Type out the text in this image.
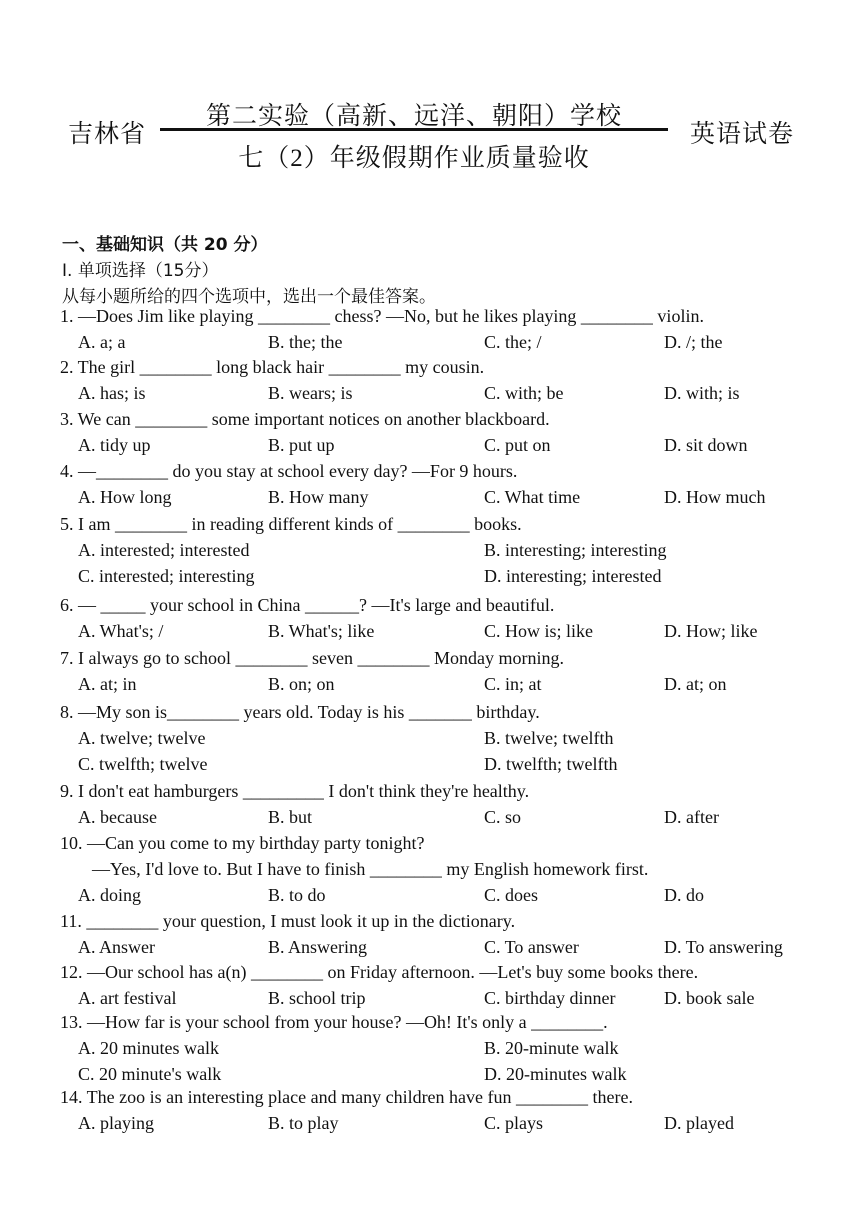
吉林省
第二实验（高新、远洋、朝阳）学校
七（2）年级假期作业质量验收
英语试卷
一、基础知识（共 20 分）
I. 单项选择（15分）
从每小题所给的四个选项中，选出一个最佳答案。
1. —Does Jim like playing ________ chess? —No, but he likes playing ________ violin.
A. a; a	B. the; the	C. the; /	D. /; the
2. The girl ________ long black hair ________ my cousin.
A. has; is	B. wears; is	C. with; be	D. with; is
3. We can ________ some important notices on another blackboard.
A. tidy up	B. put up	C. put on	D. sit down
4. —________ do you stay at school every day? —For 9 hours.
A. How long	B. How many	C. What time	D. How much
5. I am ________ in reading different kinds of ________ books.
A. interested; interested	B. interesting; interesting
C. interested; interesting	D. interesting; interested
6. — _____ your school in China ______? —It's large and beautiful.
A. What's; /	B. What's; like	C. How is; like	D. How; like
7. I always go to school ________ seven ________ Monday morning.
A. at; in	B. on; on	C. in; at	D. at; on
8. —My son is________ years old. Today is his _______ birthday.
A. twelve; twelve	B. twelve; twelfth
C. twelfth; twelve	D. twelfth; twelfth
9. I don't eat hamburgers _________ I don't think they're healthy.
A. because	B. but	C. so	D. after
10. —Can you come to my birthday party tonight?
—Yes, I'd love to. But I have to finish ________ my English homework first.
A. doing	B. to do	C. does	D. do
11. ________ your question, I must look it up in the dictionary.
A. Answer	B. Answering	C. To answer	D. To answering
12. —Our school has a(n) ________ on Friday afternoon. —Let's buy some books there.
A. art festival	B. school trip	C. birthday dinner	D. book sale
13. —How far is your school from your house? —Oh! It's only a ________.
A. 20 minutes walk	B. 20-minute walk
C. 20 minute's walk	D. 20-minutes walk
14. The zoo is an interesting place and many children have fun ________ there.
A. playing	B. to play	C. plays	D. played
